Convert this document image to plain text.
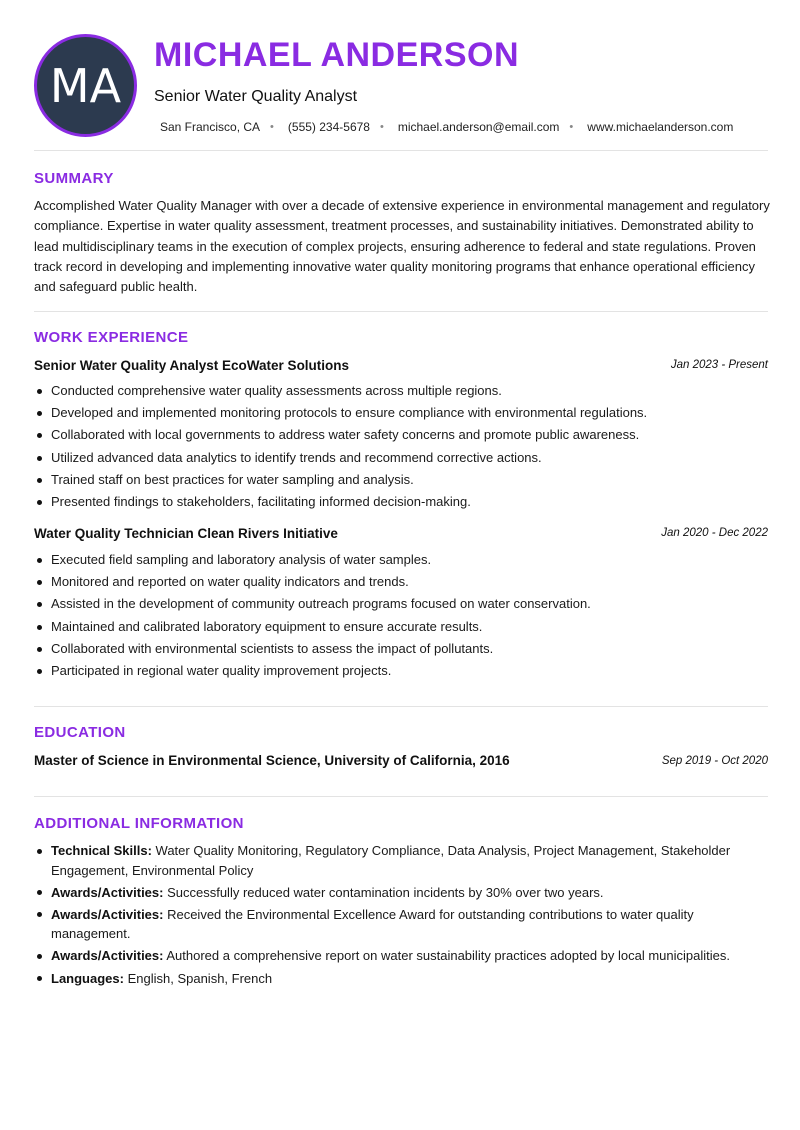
MA
MICHAEL ANDERSON
Senior Water Quality Analyst
San Francisco, CA • (555) 234-5678 • michael.anderson@email.com • www.michaelanderson.com
SUMMARY
Accomplished Water Quality Manager with over a decade of extensive experience in environmental management and regulatory compliance. Expertise in water quality assessment, treatment processes, and sustainability initiatives. Demonstrated ability to lead multidisciplinary teams in the execution of complex projects, ensuring adherence to federal and state regulations. Proven track record in developing and implementing innovative water quality monitoring programs that enhance operational efficiency and safeguard public health.
WORK EXPERIENCE
Senior Water Quality Analyst EcoWater Solutions	Jan 2023 - Present
Conducted comprehensive water quality assessments across multiple regions.
Developed and implemented monitoring protocols to ensure compliance with environmental regulations.
Collaborated with local governments to address water safety concerns and promote public awareness.
Utilized advanced data analytics to identify trends and recommend corrective actions.
Trained staff on best practices for water sampling and analysis.
Presented findings to stakeholders, facilitating informed decision-making.
Water Quality Technician Clean Rivers Initiative	Jan 2020 - Dec 2022
Executed field sampling and laboratory analysis of water samples.
Monitored and reported on water quality indicators and trends.
Assisted in the development of community outreach programs focused on water conservation.
Maintained and calibrated laboratory equipment to ensure accurate results.
Collaborated with environmental scientists to assess the impact of pollutants.
Participated in regional water quality improvement projects.
EDUCATION
Master of Science in Environmental Science, University of California, 2016	Sep 2019 - Oct 2020
ADDITIONAL INFORMATION
Technical Skills: Water Quality Monitoring, Regulatory Compliance, Data Analysis, Project Management, Stakeholder Engagement, Environmental Policy
Awards/Activities: Successfully reduced water contamination incidents by 30% over two years.
Awards/Activities: Received the Environmental Excellence Award for outstanding contributions to water quality management.
Awards/Activities: Authored a comprehensive report on water sustainability practices adopted by local municipalities.
Languages: English, Spanish, French
